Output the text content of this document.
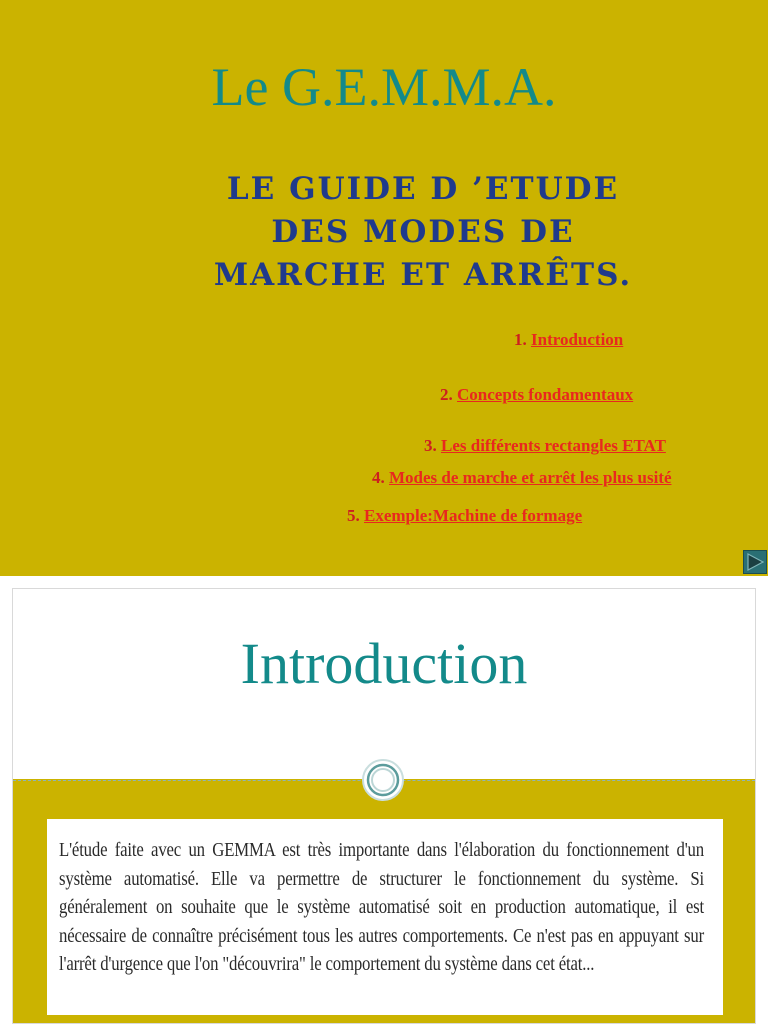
Le G.E.M.M.A.
LE GUIDE D ’ETUDE
DES MODES DE
MARCHE ET ARRÊTS.
1. Introduction
2. Concepts fondamentaux
3. Les différents rectangles ETAT
4. Modes de marche et arrêt les plus usité
5. Exemple:Machine de formage
Introduction

L'étude faite avec un GEMMA est très importante dans l'élaboration du fonctionnement d'un système automatisé. Elle va permettre de structurer le fonctionnement du système. Si généralement on souhaite que le système automatisé soit en production automatique, il est nécessaire de connaître précisément tous les autres comportements. Ce n'est pas en appuyant sur l'arrêt d'urgence que l'on "découvrira" le comportement du système dans cet état...
